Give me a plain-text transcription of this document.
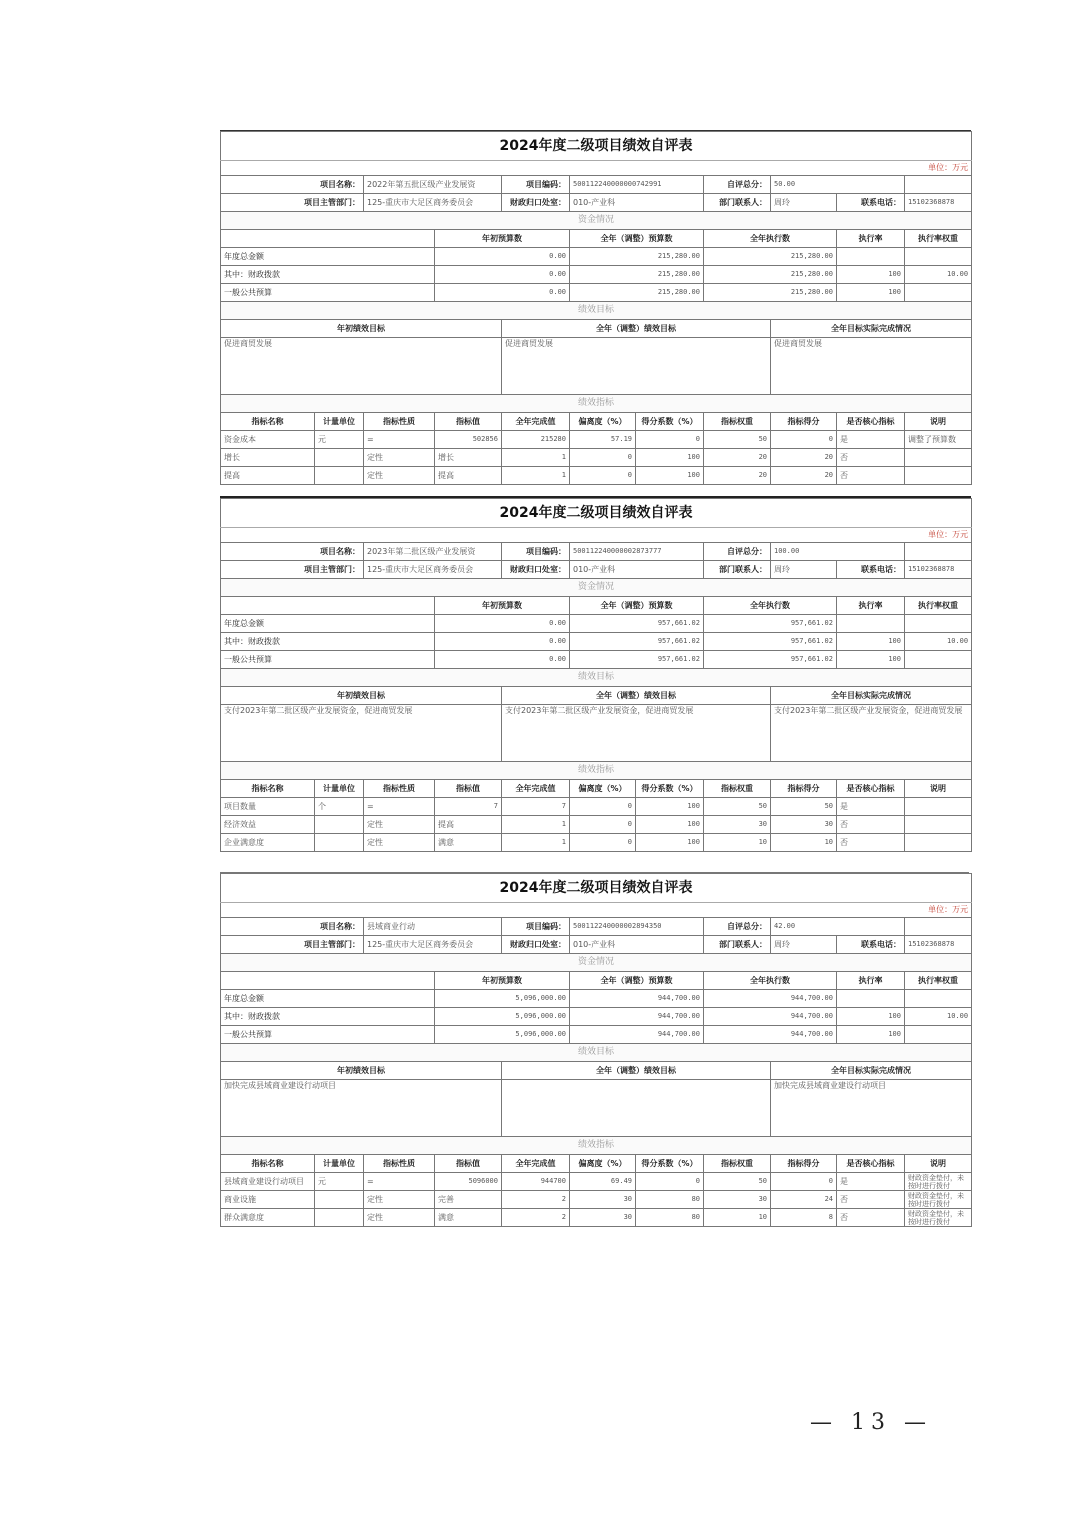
2024年度二级项目绩效自评表											
单位：万元											
项目名称：		2022年第五批区级产业发展资		项目编码：	500112240000000742991		自评总分：	50.00			
项目主管部门：		125-重庆市大足区商务委员会		财政归口处室：	010-产业科		部门联系人：	周玲	联系电话：	15102368878	
资金情况											
			年初预算数		全年（调整）预算数		全年执行数		执行率	执行率权重	
年度总金额			0.00		215,280.00		215,280.00				
其中：财政拨款			0.00		215,280.00		215,280.00		100	10.00	
一般公共预算			0.00		215,280.00		215,280.00		100		
绩效目标											
年初绩效目标				全年（调整）绩效目标				全年目标实际完成情况			
促进商贸发展				促进商贸发展				促进商贸发展			
绩效指标											
指标名称	计量单位	指标性质	指标值	全年完成值	偏离度（%）	得分系数（%）	指标权重	指标得分	是否核心指标	说明	
资金成本	元	=	502856	215280	57.19	0	50	0	是	调整了预算数	
增长		定性	增长	1	0	100	20	20	否		
提高		定性	提高	1	0	100	20	20	否		
2024年度二级项目绩效自评表											
单位：万元											
项目名称：		2023年第二批区级产业发展资		项目编码：	500112240000002873777		自评总分：	100.00			
项目主管部门：		125-重庆市大足区商务委员会		财政归口处室：	010-产业科		部门联系人：	周玲	联系电话：	15102368878	
资金情况											
			年初预算数		全年（调整）预算数		全年执行数		执行率	执行率权重	
年度总金额			0.00		957,661.02		957,661.02				
其中：财政拨款			0.00		957,661.02		957,661.02		100	10.00	
一般公共预算			0.00		957,661.02		957,661.02		100		
绩效目标											
年初绩效目标				全年（调整）绩效目标				全年目标实际完成情况			
支付2023年第二批区级产业发展资金，促进商贸发展				支付2023年第二批区级产业发展资金，促进商贸发展				支付2023年第二批区级产业发展资金，促进商贸发展			
绩效指标											
指标名称	计量单位	指标性质	指标值	全年完成值	偏离度（%）	得分系数（%）	指标权重	指标得分	是否核心指标	说明	
项目数量	个	=	7	7	0	100	50	50	是		
经济效益		定性	提高	1	0	100	30	30	否		
企业满意度		定性	满意	1	0	100	10	10	否		
2024年度二级项目绩效自评表											
单位：万元											
项目名称：		县域商业行动		项目编码：	500112240000002894350		自评总分：	42.00			
项目主管部门：		125-重庆市大足区商务委员会		财政归口处室：	010-产业科		部门联系人：	周玲	联系电话：	15102368878	
资金情况											
			年初预算数		全年（调整）预算数		全年执行数		执行率	执行率权重	
年度总金额			5,096,000.00		944,700.00		944,700.00				
其中：财政拨款			5,096,000.00		944,700.00		944,700.00		100	10.00	
一般公共预算			5,096,000.00		944,700.00		944,700.00		100		
绩效目标											
年初绩效目标				全年（调整）绩效目标				全年目标实际完成情况			
加快完成县域商业建设行动项目								加快完成县域商业建设行动项目			
绩效指标											
指标名称	计量单位	指标性质	指标值	全年完成值	偏离度（%）	得分系数（%）	指标权重	指标得分	是否核心指标	说明	
县域商业建设行动项目	元	=	5096000	944700	69.49	0	50	0	是	财政资金垫付，未按时进行拨付	
商业设施		定性	完善	2	30	80	30	24	否	财政资金垫付，未按时进行拨付	
群众满意度		定性	满意	2	30	80	10	8	否	财政资金垫付，未按时进行拨付	
— 13 —
